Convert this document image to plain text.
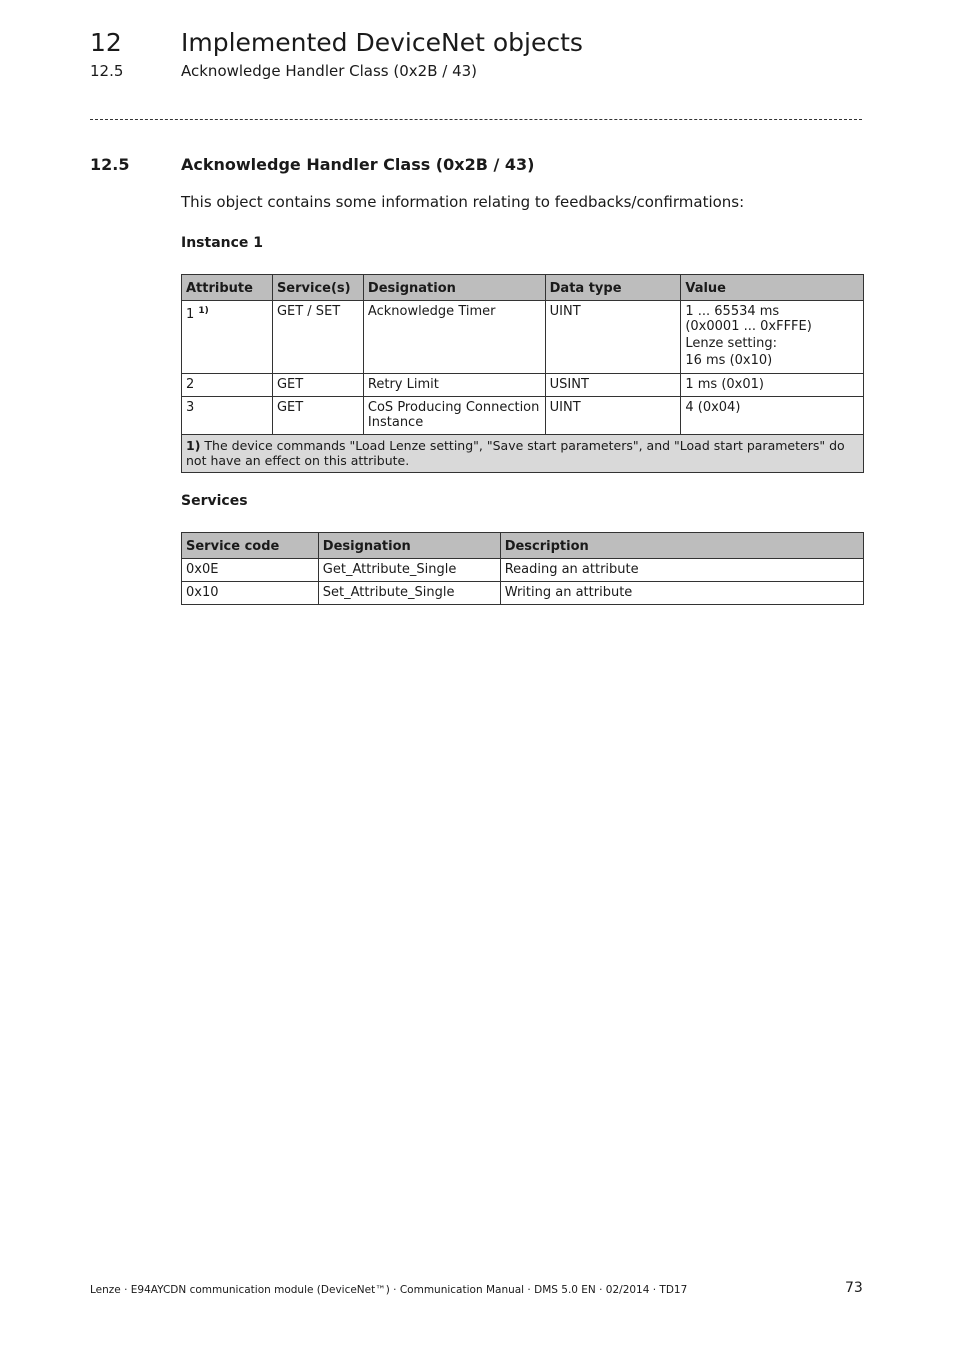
12 Implemented DeviceNet objects
12.5	Acknowledge Handler Class (0x2B / 43)
12.5	Acknowledge Handler Class (0x2B / 43)
This object contains some information relating to feedbacks/confirmations:
Instance 1
Attribute	Service(s)	Designation	Data type	Value
1 $^{1)}$	GET / SET	Acknowledge Timer	UINT	1 ... 65534 ms
(0x0001 ... 0xFFFE)
Lenze setting:
16 ms (0x10)

2	GET	Retry Limit	USINT	1 ms (0x01)
3	GET	CoS Producing Connection Instance	UINT	4 (0x04)
1) The device commands "Load Lenze setting", "Save start parameters", and "Load start parameters" do not have an effect on this attribute.				
Services
Service code	Designation	Description
0x0E	Get_Attribute_Single	Reading an attribute
0x10	Set_Attribute_Single	Writing an attribute
Lenze · E94AYCDN communication module (DeviceNet™) · Communication Manual · DMS 5.0 EN · 02/2014 · TD17	73
